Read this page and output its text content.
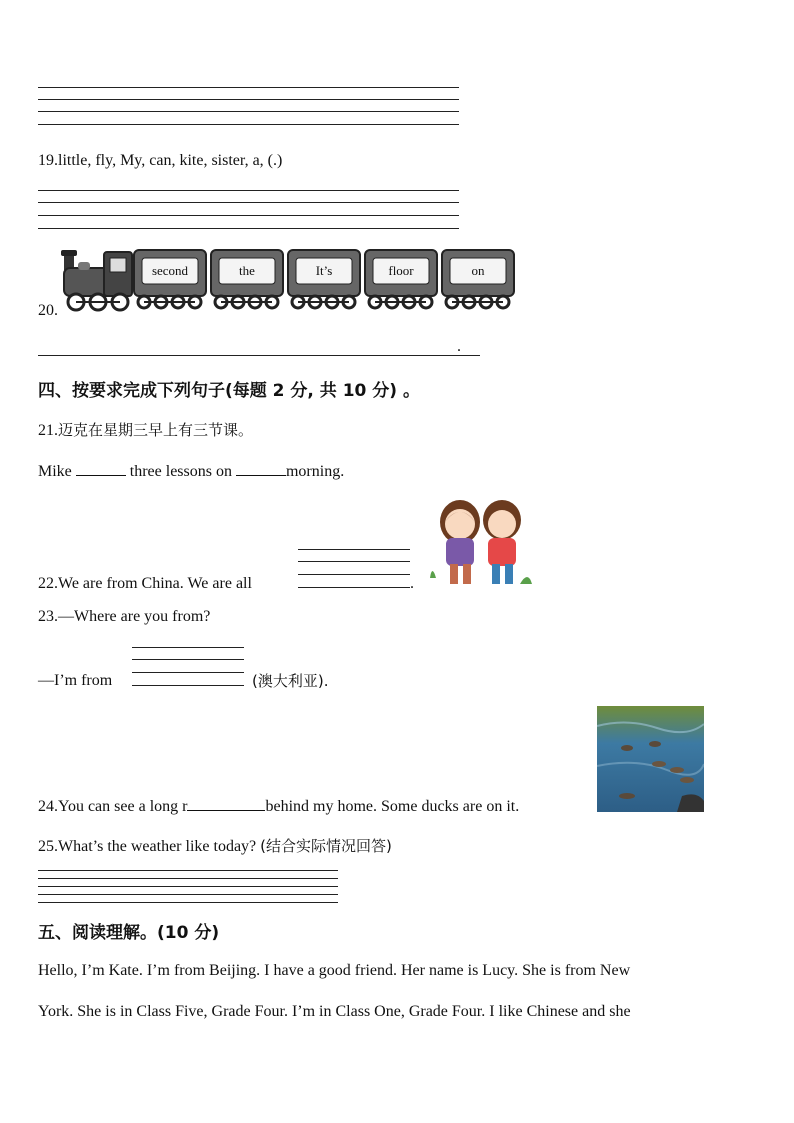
19.little, fly, My, can, kite, sister, a, (.)
20.
second	the	It’s	floor	on
.
四、按要求完成下列句子(每题 2 分, 共 10 分) 。
21.迈克在星期三早上有三节课。
Mike	three lessons on	morning.
22.We are from China. We are all	.
23.—Where are you from?
—I’m from	(澳大利亚).
24.You can see a long r	behind my home. Some ducks are on it.
25.What’s the weather like today? (结合实际情况回答)
五、阅读理解。(10 分)
Hello, I’m Kate. I’m from Beijing. I have a good friend. Her name is Lucy. She is from New
York. She is in Class Five, Grade Four. I’m in Class One, Grade Four. I like Chinese and she
